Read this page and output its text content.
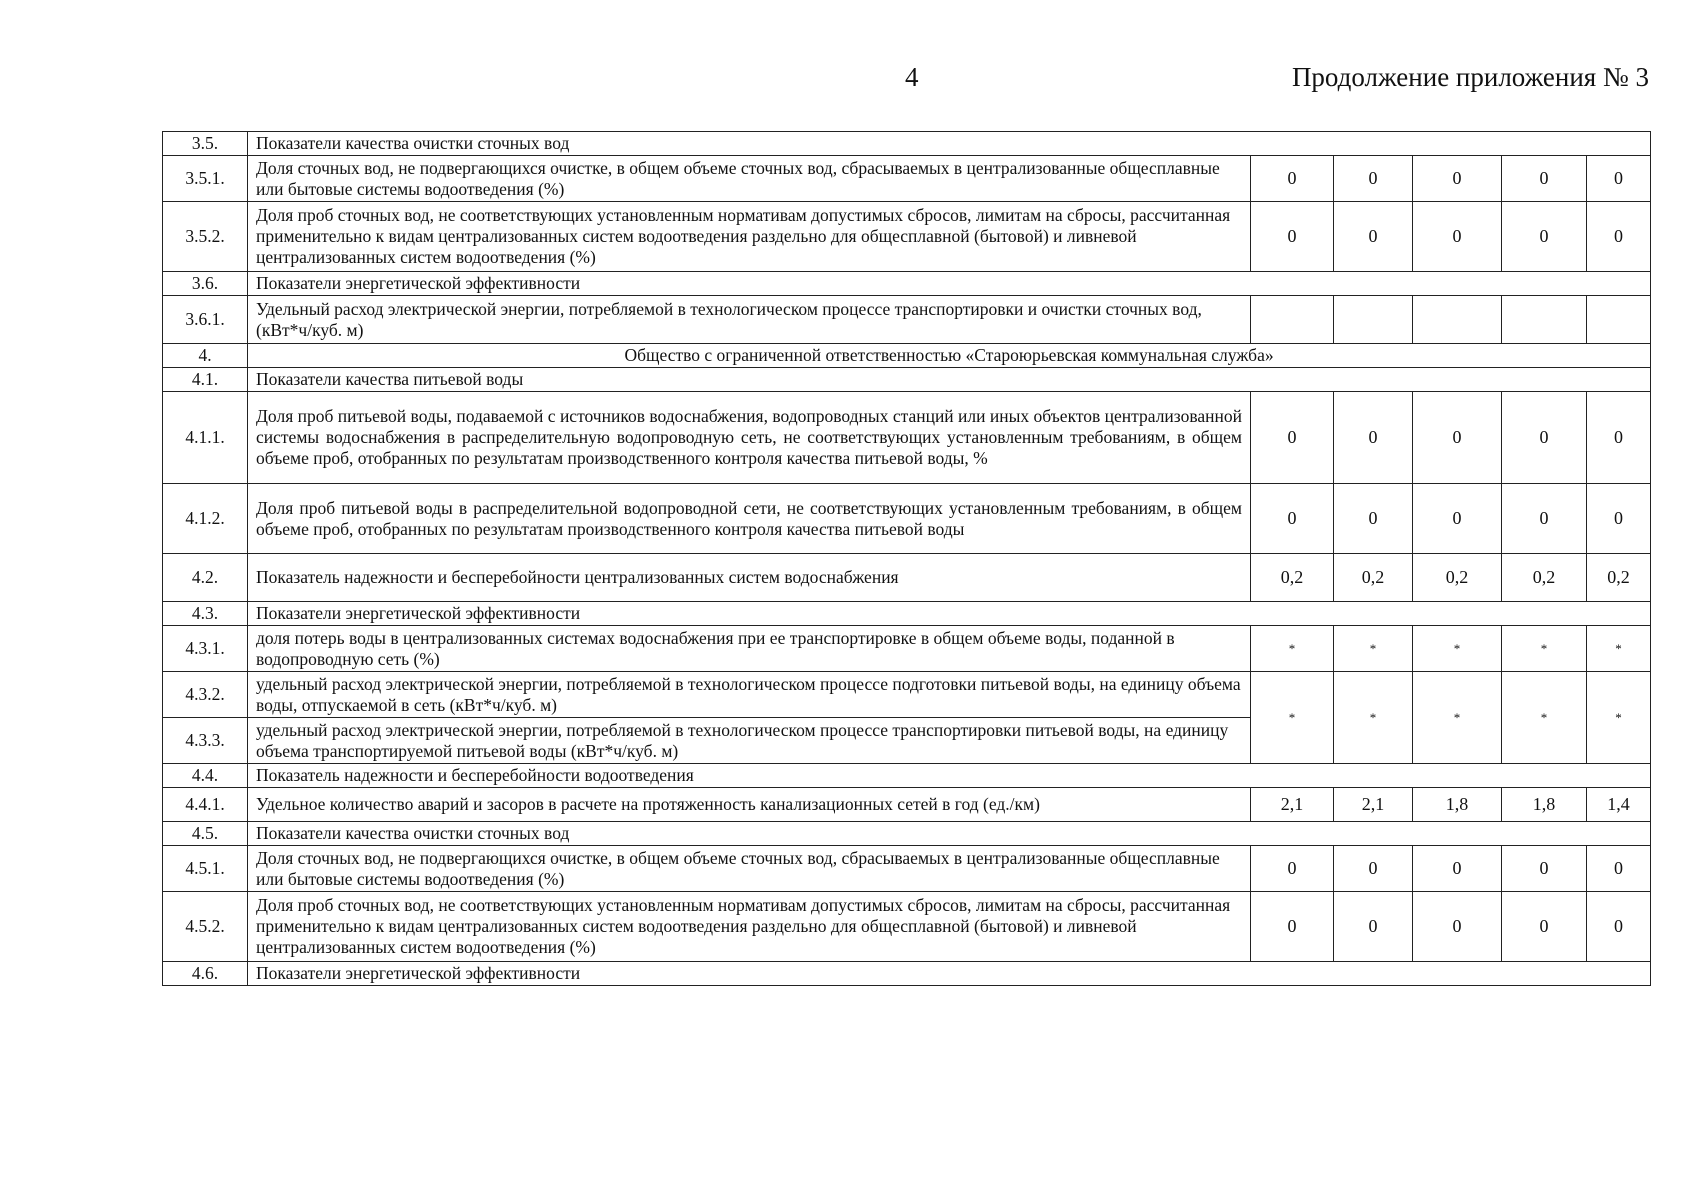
4	Продолжение приложения № 3
3.5.	Показатели качества очистки сточных вод					
3.5.1.	Доля сточных вод, не подвергающихся очистке, в общем объеме сточных вод, сбрасываемых в централизованные общесплавные или бытовые системы водоотведения (%)	0	0	0	0	0
3.5.2.	Доля проб сточных вод, не соответствующих установленным нормативам допустимых сбросов, лимитам на сбросы, рассчитанная применительно к видам централизованных систем водоотведения раздельно для общесплавной (бытовой) и ливневой централизованных систем водоотведения (%)	0	0	0	0	0
3.6.	Показатели энергетической эффективности					
3.6.1.	Удельный расход электрической энергии, потребляемой в технологическом процессе транспортировки и очистки сточных вод, (кВт*ч/куб. м)					
4.	Общество с ограниченной ответственностью «Староюрьевская коммунальная служба»					
4.1.	Показатели качества питьевой воды					
4.1.1.	Доля проб питьевой воды, подаваемой с источников водоснабжения, водопроводных станций или иных объектов централизованной системы водоснабжения в распределительную водопроводную сеть, не соответствующих установленным требованиям, в общем объеме проб, отобранных по результатам производственного контроля качества питьевой воды, %	0	0	0	0	0
4.1.2.	Доля проб питьевой воды в распределительной водопроводной сети, не соответствующих установленным требованиям, в общем объеме проб, отобранных по результатам производственного контроля качества питьевой воды	0	0	0	0	0
4.2.	Показатель надежности и бесперебойности централизованных систем водоснабжения	0,2	0,2	0,2	0,2	0,2
4.3.	Показатели энергетической эффективности					
4.3.1.	доля потерь воды в централизованных системах водоснабжения при ее транспортировке в общем объеме воды, поданной в водопроводную сеть (%)	*	*	*	*	*
4.3.2.	удельный расход электрической энергии, потребляемой в технологическом процессе подготовки питьевой воды, на единицу объема воды, отпускаемой в сеть (кВт*ч/куб. м)	*	*	*	*	*
4.3.3.	удельный расход электрической энергии, потребляемой в технологическом процессе транспортировки питьевой воды, на единицу объема транспортируемой питьевой воды (кВт*ч/куб. м)					
4.4.	Показатель надежности и бесперебойности водоотведения					
4.4.1.	Удельное количество аварий и засоров в расчете на протяженность канализационных сетей в год (ед./км)	2,1	2,1	1,8	1,8	1,4
4.5.	Показатели качества очистки сточных вод					
4.5.1.	Доля сточных вод, не подвергающихся очистке, в общем объеме сточных вод, сбрасываемых в централизованные общесплавные или бытовые системы водоотведения (%)	0	0	0	0	0
4.5.2.	Доля проб сточных вод, не соответствующих установленным нормативам допустимых сбросов, лимитам на сбросы, рассчитанная применительно к видам централизованных систем водоотведения раздельно для общесплавной (бытовой) и ливневой централизованных систем водоотведения (%)	0	0	0	0	0
4.6.	Показатели энергетической эффективности					
